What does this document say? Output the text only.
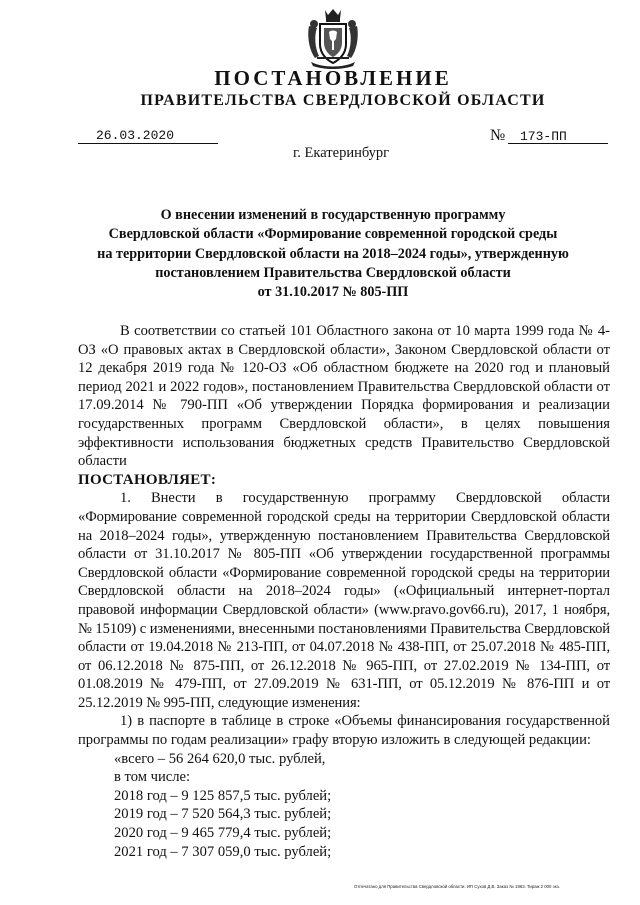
ПОСТАНОВЛЕНИЕ
ПРАВИТЕЛЬСТВА СВЕРДЛОВСКОЙ ОБЛАСТИ
26.03.2020	№	173-ПП
г. Екатеринбург
О внесении изменений в государственную программу
Свердловской области «Формирование современной городской среды
на территории Свердловской области на 2018–2024 годы», утвержденную
постановлением Правительства Свердловской области
от 31.10.2017 № 805-ПП

В соответствии со статьей 101 Областного закона от 10 марта 1999 года № 4-ОЗ «О правовых актах в Свердловской области», Законом Свердловской области от 12 декабря 2019 года № 120-ОЗ «Об областном бюджете на 2020 год и плановый период 2021 и 2022 годов», постановлением Правительства Свердловской области от 17.09.2014 № 790-ПП «Об утверждении Порядка формирования и реализации государственных программ Свердловской области», в целях повышения эффективности использования бюджетных средств Правительство Свердловской области

ПОСТАНОВЛЯЕТ:

1. Внести в государственную программу Свердловской области «Формирование современной городской среды на территории Свердловской области на 2018–2024 годы», утвержденную постановлением Правительства Свердловской области от 31.10.2017 № 805-ПП «Об утверждении государственной программы Свердловской области «Формирование современной городской среды на территории Свердловской области на 2018–2024 годы» («Официальный интернет-портал правовой информации Свердловской области» (www.pravo.gov66.ru), 2017, 1 ноября, № 15109) с изменениями, внесенными постановлениями Правительства Свердловской области от 19.04.2018 № 213-ПП, от 04.07.2018 № 438-ПП, от 25.07.2018 № 485-ПП, от 06.12.2018 № 875-ПП, от 26.12.2018 № 965-ПП, от 27.02.2019 № 134-ПП, от 01.08.2019 № 479-ПП, от 27.09.2019 № 631-ПП, от 05.12.2019 № 876-ПП и от 25.12.2019 № 995-ПП, следующие изменения:

1) в паспорте в таблице в строке «Объемы финансирования государственной программы по годам реализации» графу вторую изложить в следующей редакции:

«всего – 56 264 620,0 тыс. рублей,

в том числе:

2018 год – 9 125 857,5 тыс. рублей;

2019 год – 7 520 564,3 тыс. рублей;

2020 год – 9 465 779,4 тыс. рублей;

2021 год – 7 307 059,0 тыс. рублей;

Отпечатано для Правительства Свердловской области. ИП Сухов Д.В. Заказ № 1963. Тираж 2 000 экз.
